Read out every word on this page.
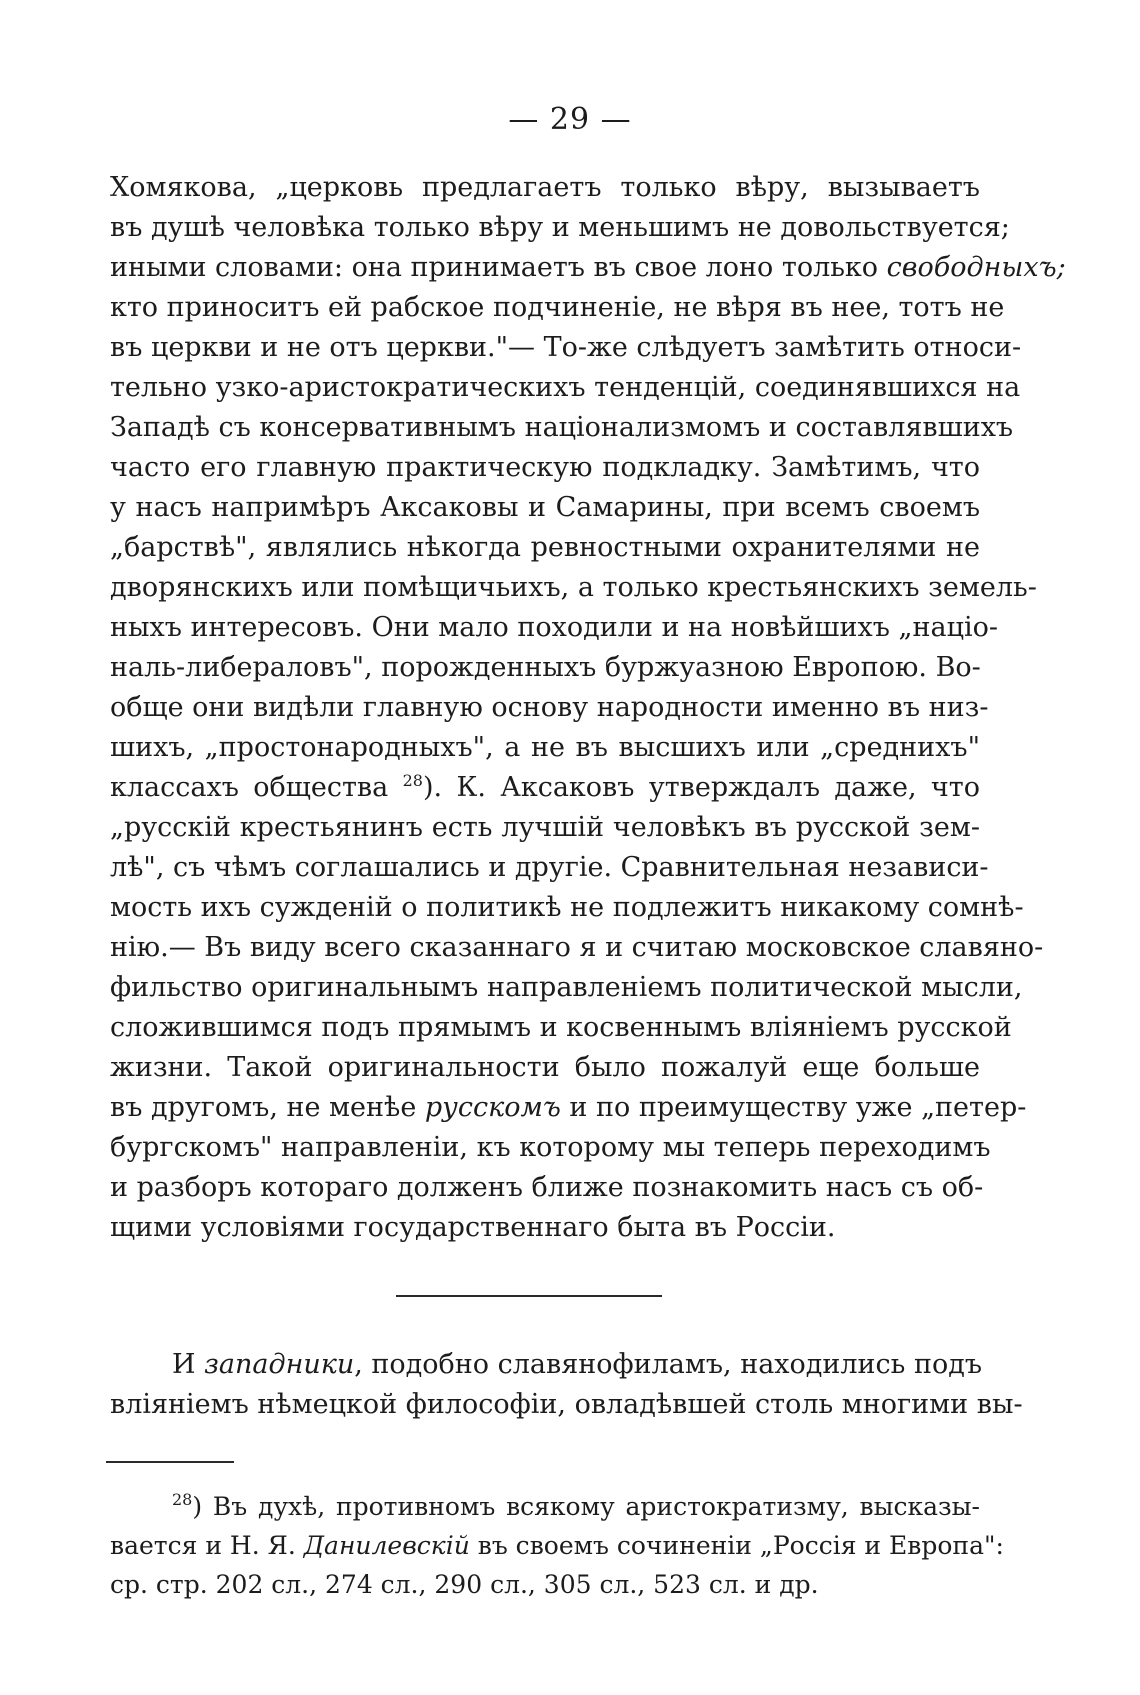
— 29 —
Хомякова, „церковь предлагаетъ только вѣру, вызываетъ
въ душѣ человѣка только вѣру и меньшимъ не довольствуется;
иными словами: она принимаетъ въ свое лоно только свободныхъ;
кто приноситъ ей рабское подчиненіе, не вѣря въ нее, тотъ не
въ церкви и не отъ церкви."— То-же слѣдуетъ замѣтить относи-
тельно узко-аристократическихъ тенденцій, соединявшихся на
Западѣ съ консервативнымъ націонализмомъ и составлявшихъ
часто его главную практическую подкладку. Замѣтимъ, что
у насъ напримѣръ Аксаковы и Самарины, при всемъ своемъ
„барствѣ", являлись нѣкогда ревностными охранителями не
дворянскихъ или помѣщичьихъ, а только крестьянскихъ земель-
ныхъ интересовъ. Они мало походили и на новѣйшихъ „націо-
наль-либераловъ", порожденныхъ буржуазною Европою. Во-
обще они видѣли главную основу народности именно въ низ-
шихъ, „простонародныхъ", а не въ высшихъ или „среднихъ"
классахъ общества $^{28}$). К. Аксаковъ утверждалъ даже, что
„русскій крестьянинъ есть лучшій человѣкъ въ русской зем-
лѣ", съ чѣмъ соглашались и другіе. Сравнительная независи-
мость ихъ сужденій о политикѣ не подлежитъ никакому сомнѣ-
нію.— Въ виду всего сказаннаго я и считаю московское славяно-
фильство оригинальнымъ направленіемъ политической мысли,
сложившимся подъ прямымъ и косвеннымъ вліяніемъ русской
жизни. Такой оригинальности было пожалуй еще больше
въ другомъ, не менѣе русскомъ и по преимуществу уже „петер-
бургскомъ" направленіи, къ которому мы теперь переходимъ
и разборъ котораго долженъ ближе познакомить насъ съ об-
щими условіями государственнаго быта въ Россіи.
И западники, подобно славянофиламъ, находились подъ
вліяніемъ нѣмецкой философіи, овладѣвшей столь многими вы-
$^{28}$) Въ духѣ, противномъ всякому аристократизму, высказы-
вается и Н. Я. Данилевскій въ своемъ сочиненіи „Россія и Европа":
ср. стр. 202 сл., 274 сл., 290 сл., 305 сл., 523 сл. и др.
